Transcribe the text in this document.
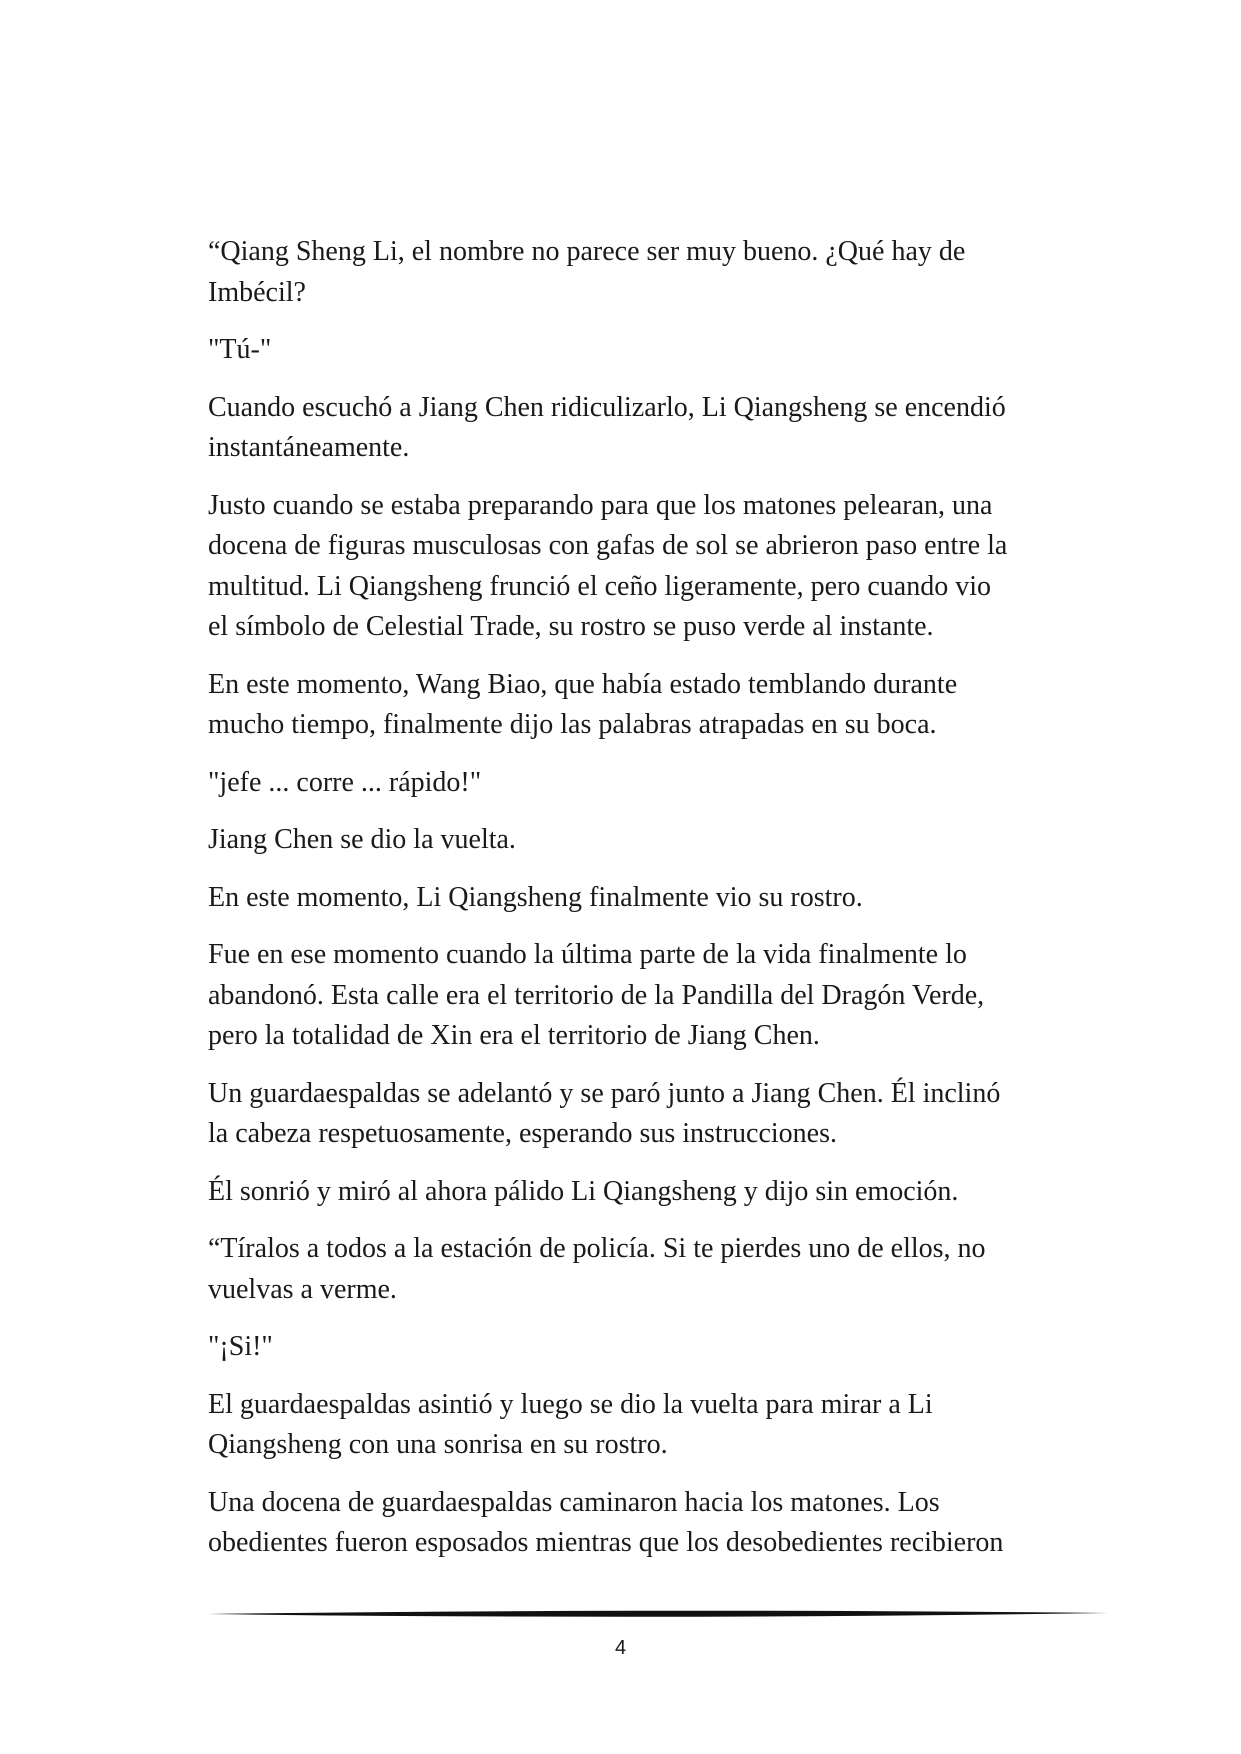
“Qiang Sheng Li, el nombre no parece ser muy bueno. ¿Qué hay de
Imbécil?

"Tú-"

Cuando escuchó a Jiang Chen ridiculizarlo, Li Qiangsheng se encendió
instantáneamente.

Justo cuando se estaba preparando para que los matones pelearan, una
docena de figuras musculosas con gafas de sol se abrieron paso entre la
multitud. Li Qiangsheng frunció el ceño ligeramente, pero cuando vio
el símbolo de Celestial Trade, su rostro se puso verde al instante.

En este momento, Wang Biao, que había estado temblando durante
mucho tiempo, finalmente dijo las palabras atrapadas en su boca.

"jefe ... corre ... rápido!"

Jiang Chen se dio la vuelta.

En este momento, Li Qiangsheng finalmente vio su rostro.

Fue en ese momento cuando la última parte de la vida finalmente lo
abandonó. Esta calle era el territorio de la Pandilla del Dragón Verde,
pero la totalidad de Xin era el territorio de Jiang Chen.

Un guardaespaldas se adelantó y se paró junto a Jiang Chen. Él inclinó
la cabeza respetuosamente, esperando sus instrucciones.

Él sonrió y miró al ahora pálido Li Qiangsheng y dijo sin emoción.

“Tíralos a todos a la estación de policía. Si te pierdes uno de ellos, no
vuelvas a verme.

"¡Si!"

El guardaespaldas asintió y luego se dio la vuelta para mirar a Li
Qiangsheng con una sonrisa en su rostro.

Una docena de guardaespaldas caminaron hacia los matones. Los
obedientes fueron esposados mientras que los desobedientes recibieron

4
